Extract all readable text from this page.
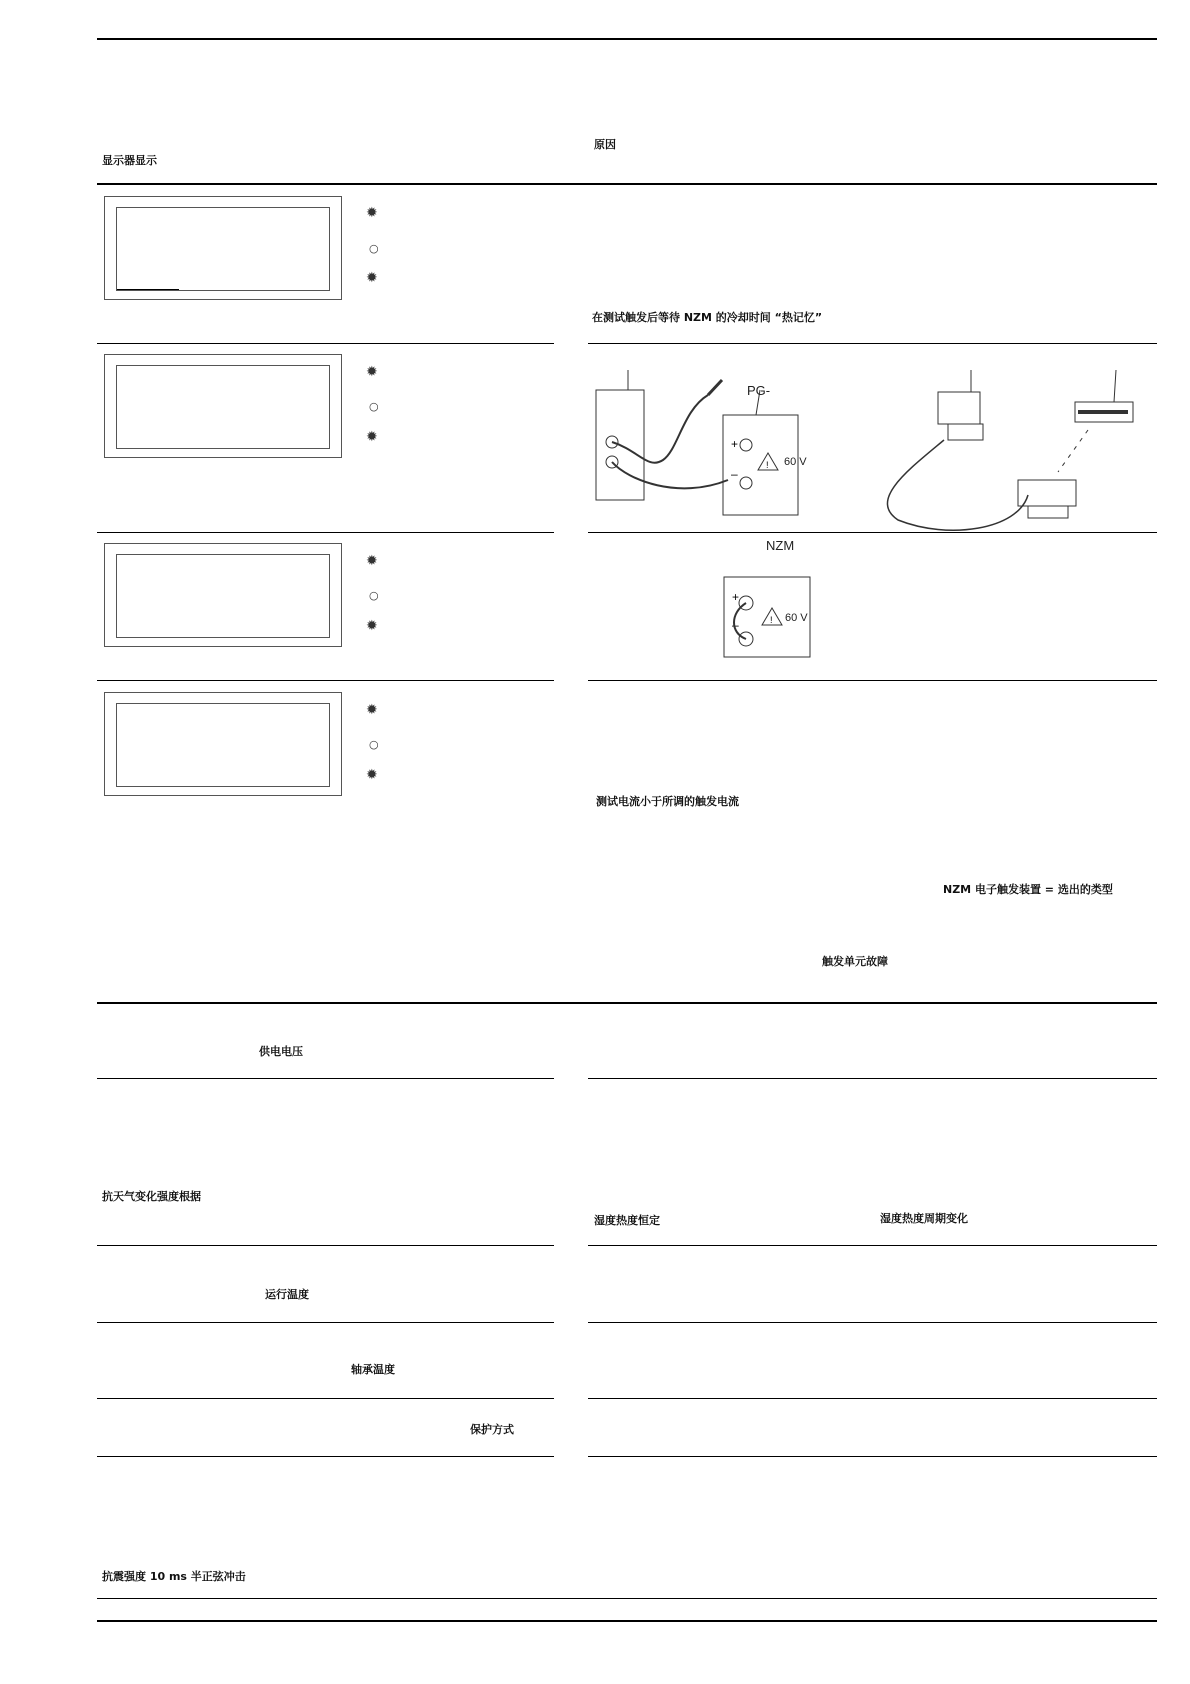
显示器显示
原因
✹
○
✹
✹
○
✹
✹
○
✹
✹
○
✹
在测试触发后等待 NZM 的冷却时间 “热记忆”
+
–
!
PG-
60 V
+
–	!
NZM
60 V
测试电流小于所调的触发电流
NZM 电子触发装置 = 选出的类型
触发单元故障
供电电压
抗天气变化强度根据
湿度热度恒定	湿度热度周期变化
运行温度
轴承温度
保护方式
抗震强度 10 ms 半正弦冲击
